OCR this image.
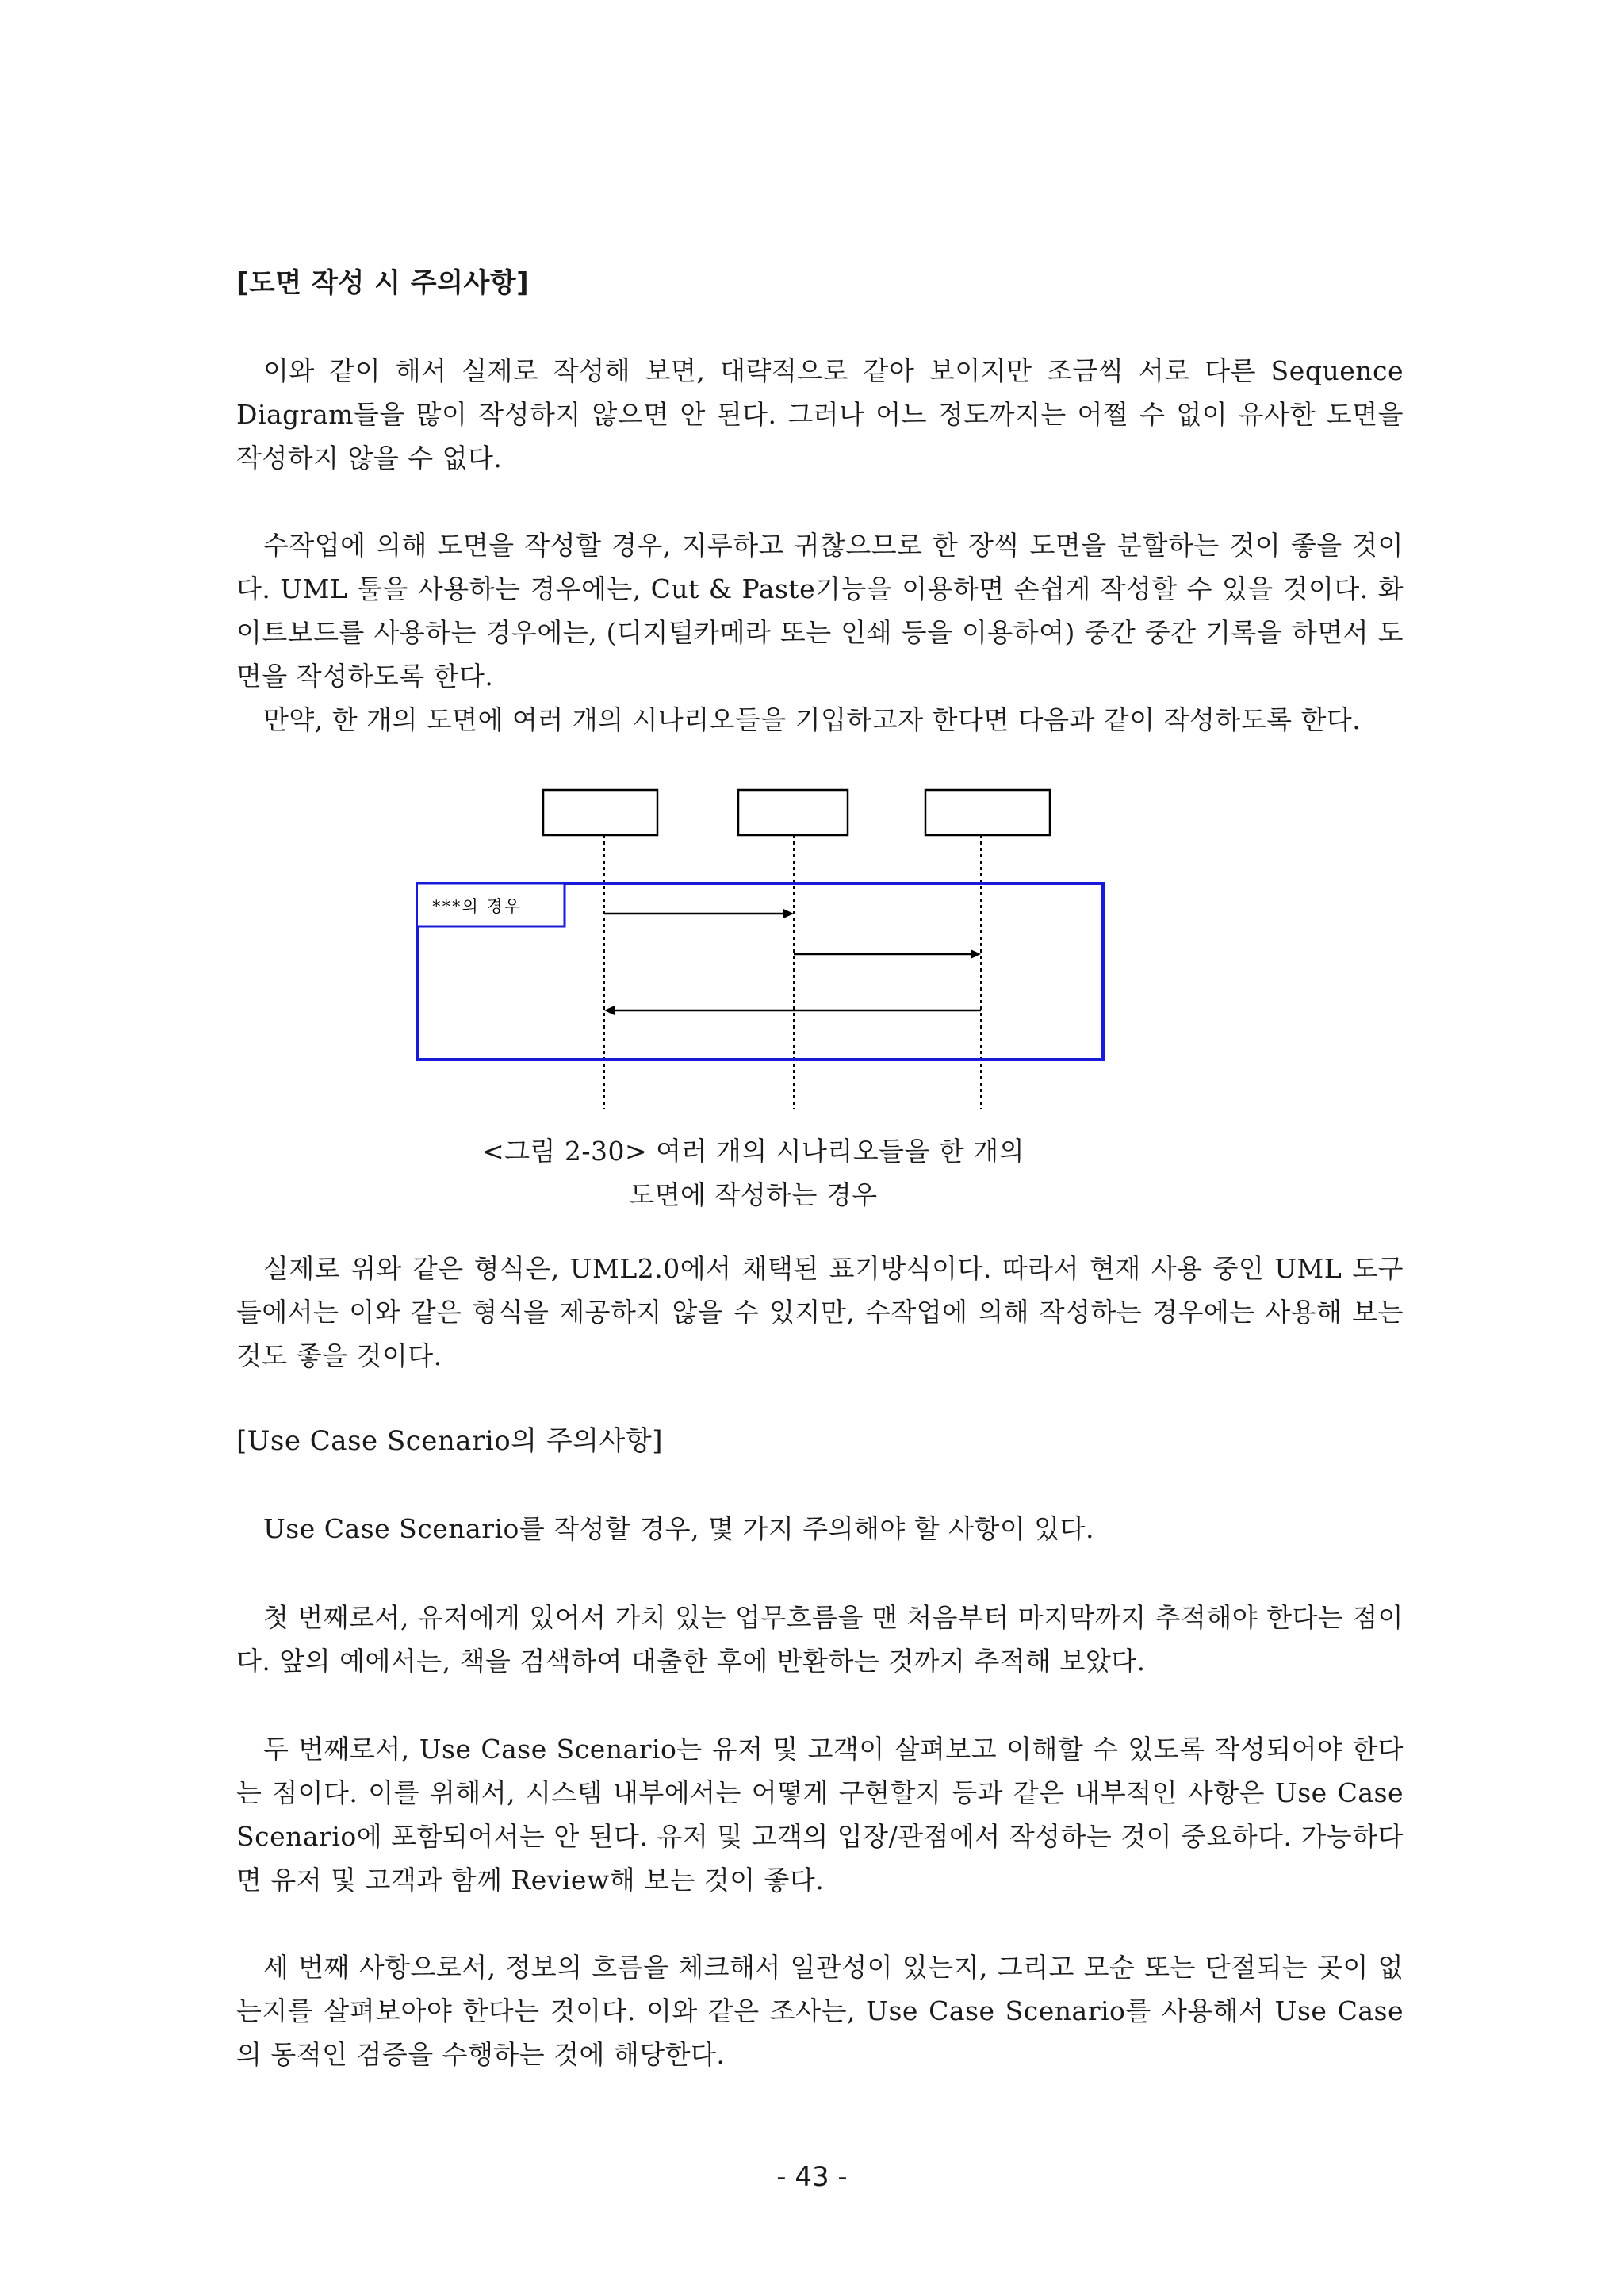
[도면 작성 시 주의사항]
이와 같이 해서 실제로 작성해 보면, 대략적으로 같아 보이지만 조금씩 서로 다른 Sequence Diagram들을 많이 작성하지 않으면 안 된다. 그러나 어느 정도까지는 어쩔 수 없이 유사한 도면을 작성하지 않을 수 없다.
수작업에 의해 도면을 작성할 경우, 지루하고 귀찮으므로 한 장씩 도면을 분할하는 것이 좋을 것이다. UML 툴을 사용하는 경우에는, Cut & Paste기능을 이용하면 손쉽게 작성할 수 있을 것이다. 화이트보드를 사용하는 경우에는, (디지털카메라 또는 인쇄 등을 이용하여) 중간 중간 기록을 하면서 도면을 작성하도록 한다.
만약, 한 개의 도면에 여러 개의 시나리오들을 기입하고자 한다면 다음과 같이 작성하도록 한다.
***의 경우
<그림 2-30> 여러 개의 시나리오들을 한 개의
도면에 작성하는 경우
실제로 위와 같은 형식은, UML2.0에서 채택된 표기방식이다. 따라서 현재 사용 중인 UML 도구들에서는 이와 같은 형식을 제공하지 않을 수 있지만, 수작업에 의해 작성하는 경우에는 사용해 보는 것도 좋을 것이다.
[Use Case Scenario의 주의사항]
Use Case Scenario를 작성할 경우, 몇 가지 주의해야 할 사항이 있다.
첫 번째로서, 유저에게 있어서 가치 있는 업무흐름을 맨 처음부터 마지막까지 추적해야 한다는 점이다. 앞의 예에서는, 책을 검색하여 대출한 후에 반환하는 것까지 추적해 보았다.
두 번째로서, Use Case Scenario는 유저 및 고객이 살펴보고 이해할 수 있도록 작성되어야 한다는 점이다. 이를 위해서, 시스템 내부에서는 어떻게 구현할지 등과 같은 내부적인 사항은 Use Case Scenario에 포함되어서는 안 된다. 유저 및 고객의 입장/관점에서 작성하는 것이 중요하다. 가능하다면 유저 및 고객과 함께 Review해 보는 것이 좋다.
세 번째 사항으로서, 정보의 흐름을 체크해서 일관성이 있는지, 그리고 모순 또는 단절되는 곳이 없는지를 살펴보아야 한다는 것이다. 이와 같은 조사는, Use Case Scenario를 사용해서 Use Case의 동적인 검증을 수행하는 것에 해당한다.
- 43 -
